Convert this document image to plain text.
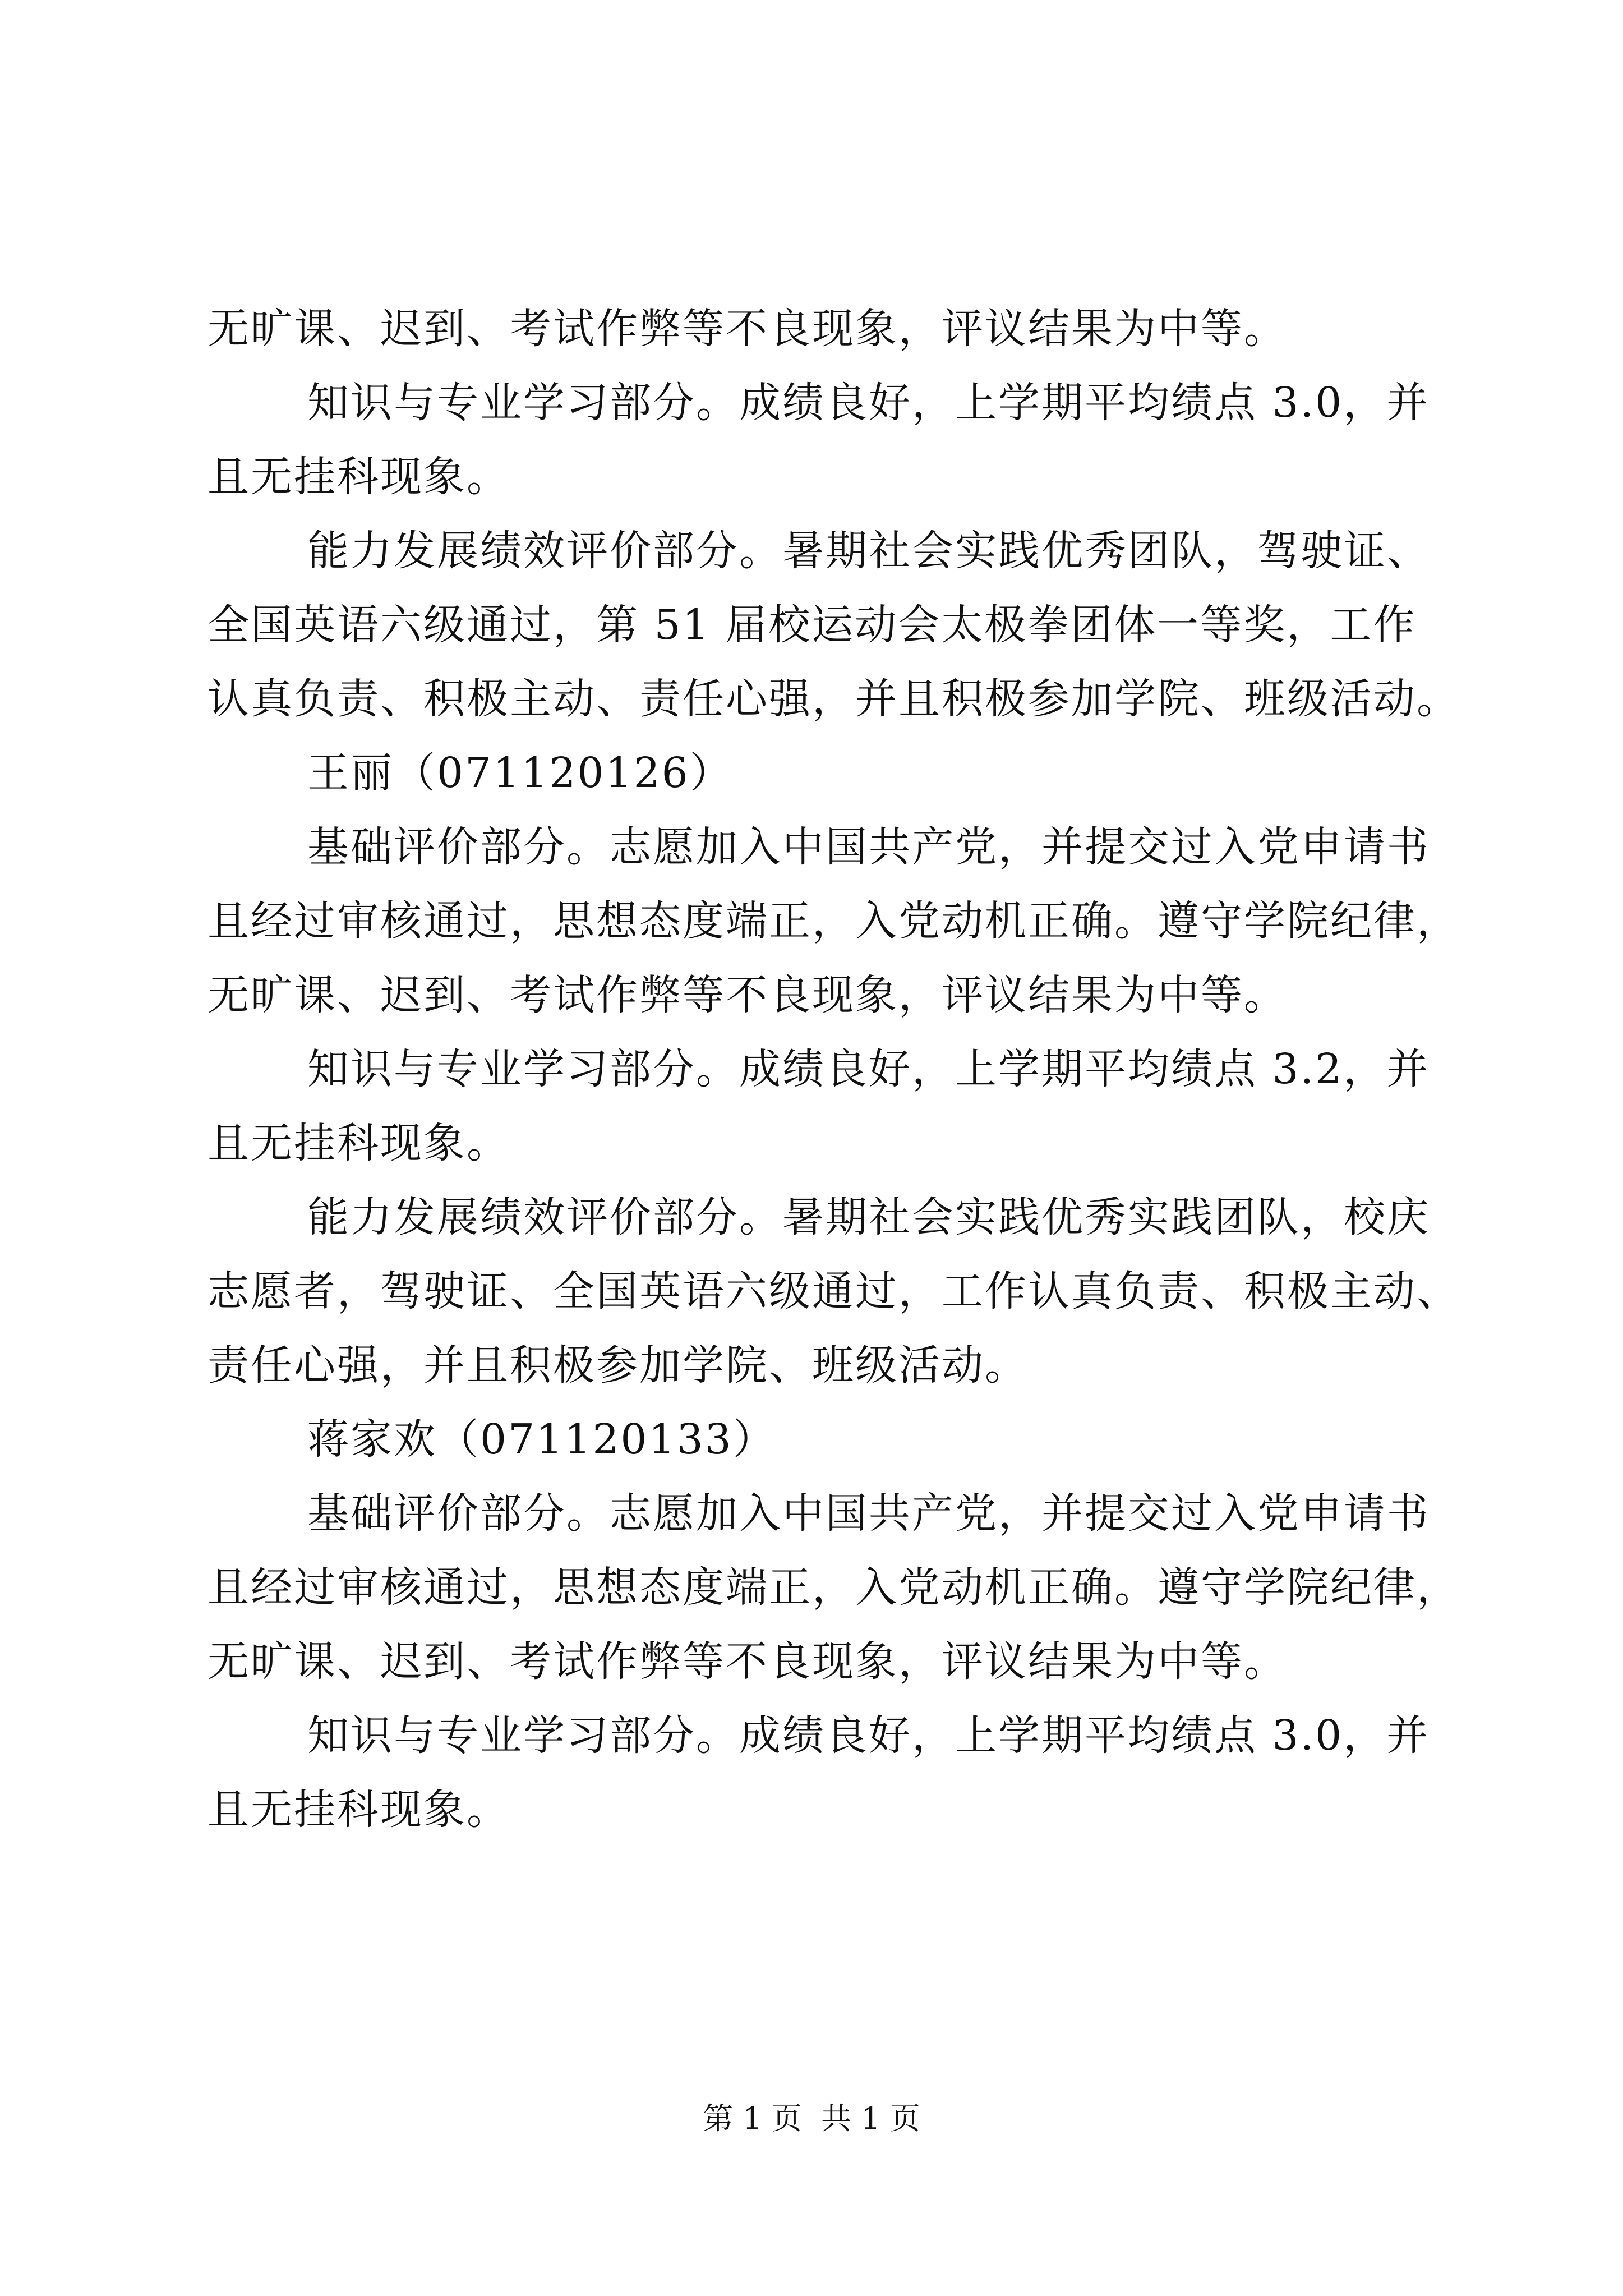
无旷课、迟到、考试作弊等不良现象，评议结果为中等。

知识与专业学习部分。成绩良好，上学期平均绩点 3.0，并

且无挂科现象。

能力发展绩效评价部分。暑期社会实践优秀团队，驾驶证、

全国英语六级通过，第 51 届校运动会太极拳团体一等奖，工作

认真负责、积极主动、责任心强，并且积极参加学院、班级活动。

王丽（071120126）

基础评价部分。志愿加入中国共产党，并提交过入党申请书

且经过审核通过，思想态度端正，入党动机正确。遵守学院纪律，

无旷课、迟到、考试作弊等不良现象，评议结果为中等。

知识与专业学习部分。成绩良好，上学期平均绩点 3.2，并

且无挂科现象。

能力发展绩效评价部分。暑期社会实践优秀实践团队，校庆

志愿者，驾驶证、全国英语六级通过，工作认真负责、积极主动、

责任心强，并且积极参加学院、班级活动。

蒋家欢（071120133）

基础评价部分。志愿加入中国共产党，并提交过入党申请书

且经过审核通过，思想态度端正，入党动机正确。遵守学院纪律，

无旷课、迟到、考试作弊等不良现象，评议结果为中等。

知识与专业学习部分。成绩良好，上学期平均绩点 3.0，并

且无挂科现象。

第 1 页  共 1 页
